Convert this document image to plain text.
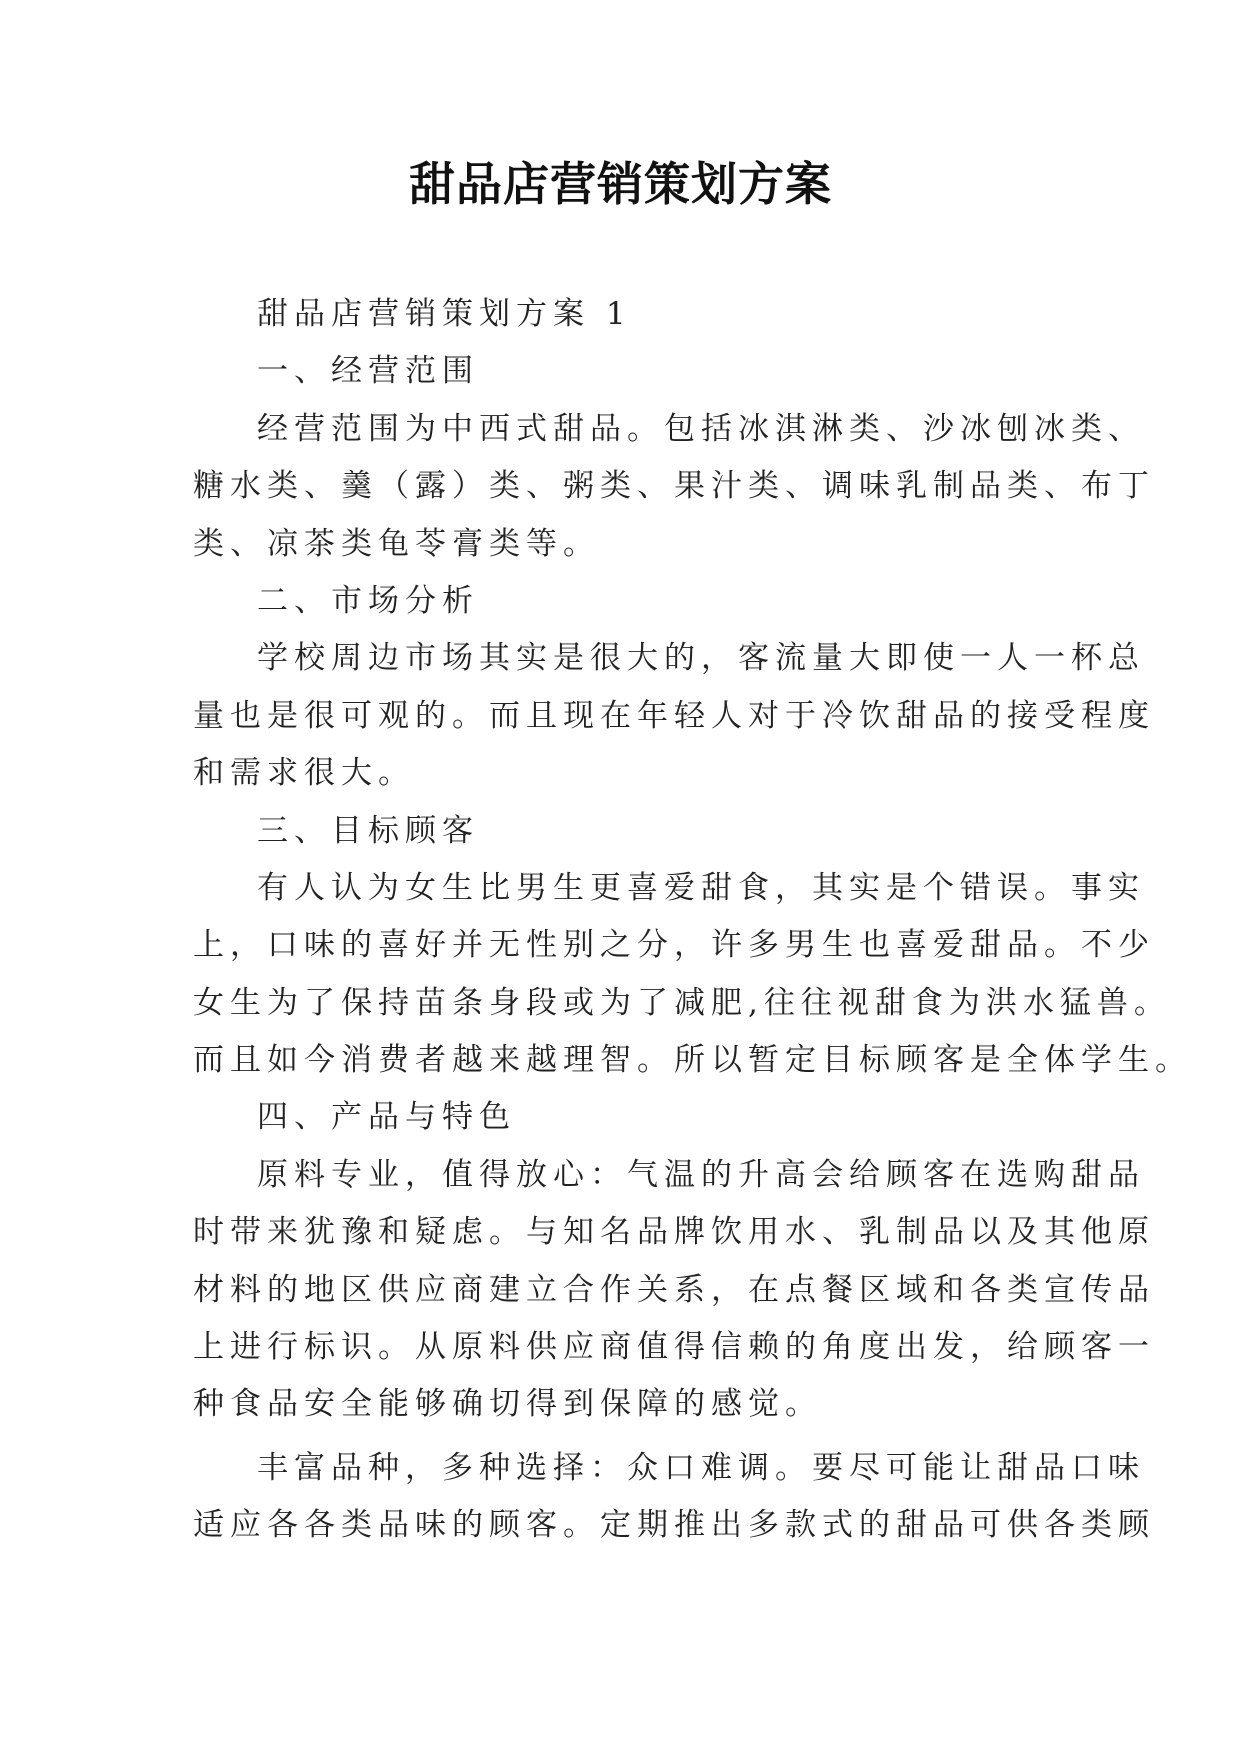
甜品店营销策划方案
甜品店营销策划方案 1
一、经营范围
经营范围为中西式甜品。包括冰淇淋类、沙冰刨冰类、
糖水类、羹（露）类、粥类、果汁类、调味乳制品类、布丁
类、凉茶类龟苓膏类等。
二、市场分析
学校周边市场其实是很大的，客流量大即使一人一杯总
量也是很可观的。而且现在年轻人对于冷饮甜品的接受程度
和需求很大。
三、目标顾客
有人认为女生比男生更喜爱甜食，其实是个错误。事实
上，口味的喜好并无性别之分，许多男生也喜爱甜品。不少
女生为了保持苗条身段或为了减肥,往往视甜食为洪水猛兽。
而且如今消费者越来越理智。所以暂定目标顾客是全体学生。
四、产品与特色
原料专业，值得放心：气温的升高会给顾客在选购甜品
时带来犹豫和疑虑。与知名品牌饮用水、乳制品以及其他原
材料的地区供应商建立合作关系，在点餐区域和各类宣传品
上进行标识。从原料供应商值得信赖的角度出发，给顾客一
种食品安全能够确切得到保障的感觉。
丰富品种，多种选择：众口难调。要尽可能让甜品口味
适应各各类品味的顾客。定期推出多款式的甜品可供各类顾
